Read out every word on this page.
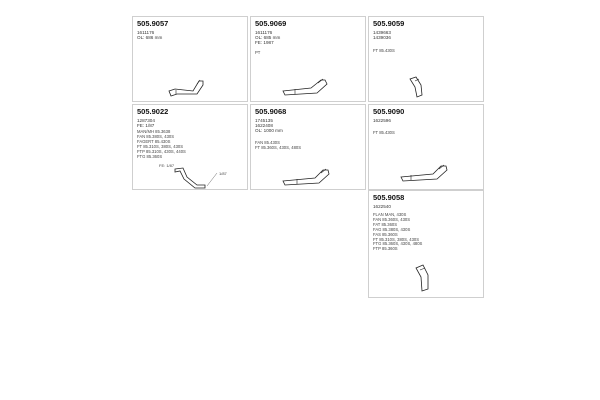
505.9057
1611176
OL: 686 mm
505.9069
1611176
OL: 685 mm
FE: 1987
PT
505.9059
1439663
1439036
FT 85.430S
505.9022
1287304
FE: 1/87
MAN/MH 85.3638
FAN 85.380S, 430S
FAGERT 85.430S
FT 85.310S, 380S, 430S
FTP 85.310S, 430S, 440S
FTG 85.360S
FE: 1/87
1/87
505.9068
1745135
1622408
OL: 1000 mm
FAN 85.430S
FT 85.360S, 430S, 480S
505.9090
1622596
FT 85.430S
505.9058
1622540
FLAN MAN, 430S
FAN 85.360S, 430S
FAT 85.360S
FAG 85.380S, 430S
FAS 85.360S
FT 85.310S, 380S, 430S
FTG 85.360S, 430S, 480S
FTP 85.360S
